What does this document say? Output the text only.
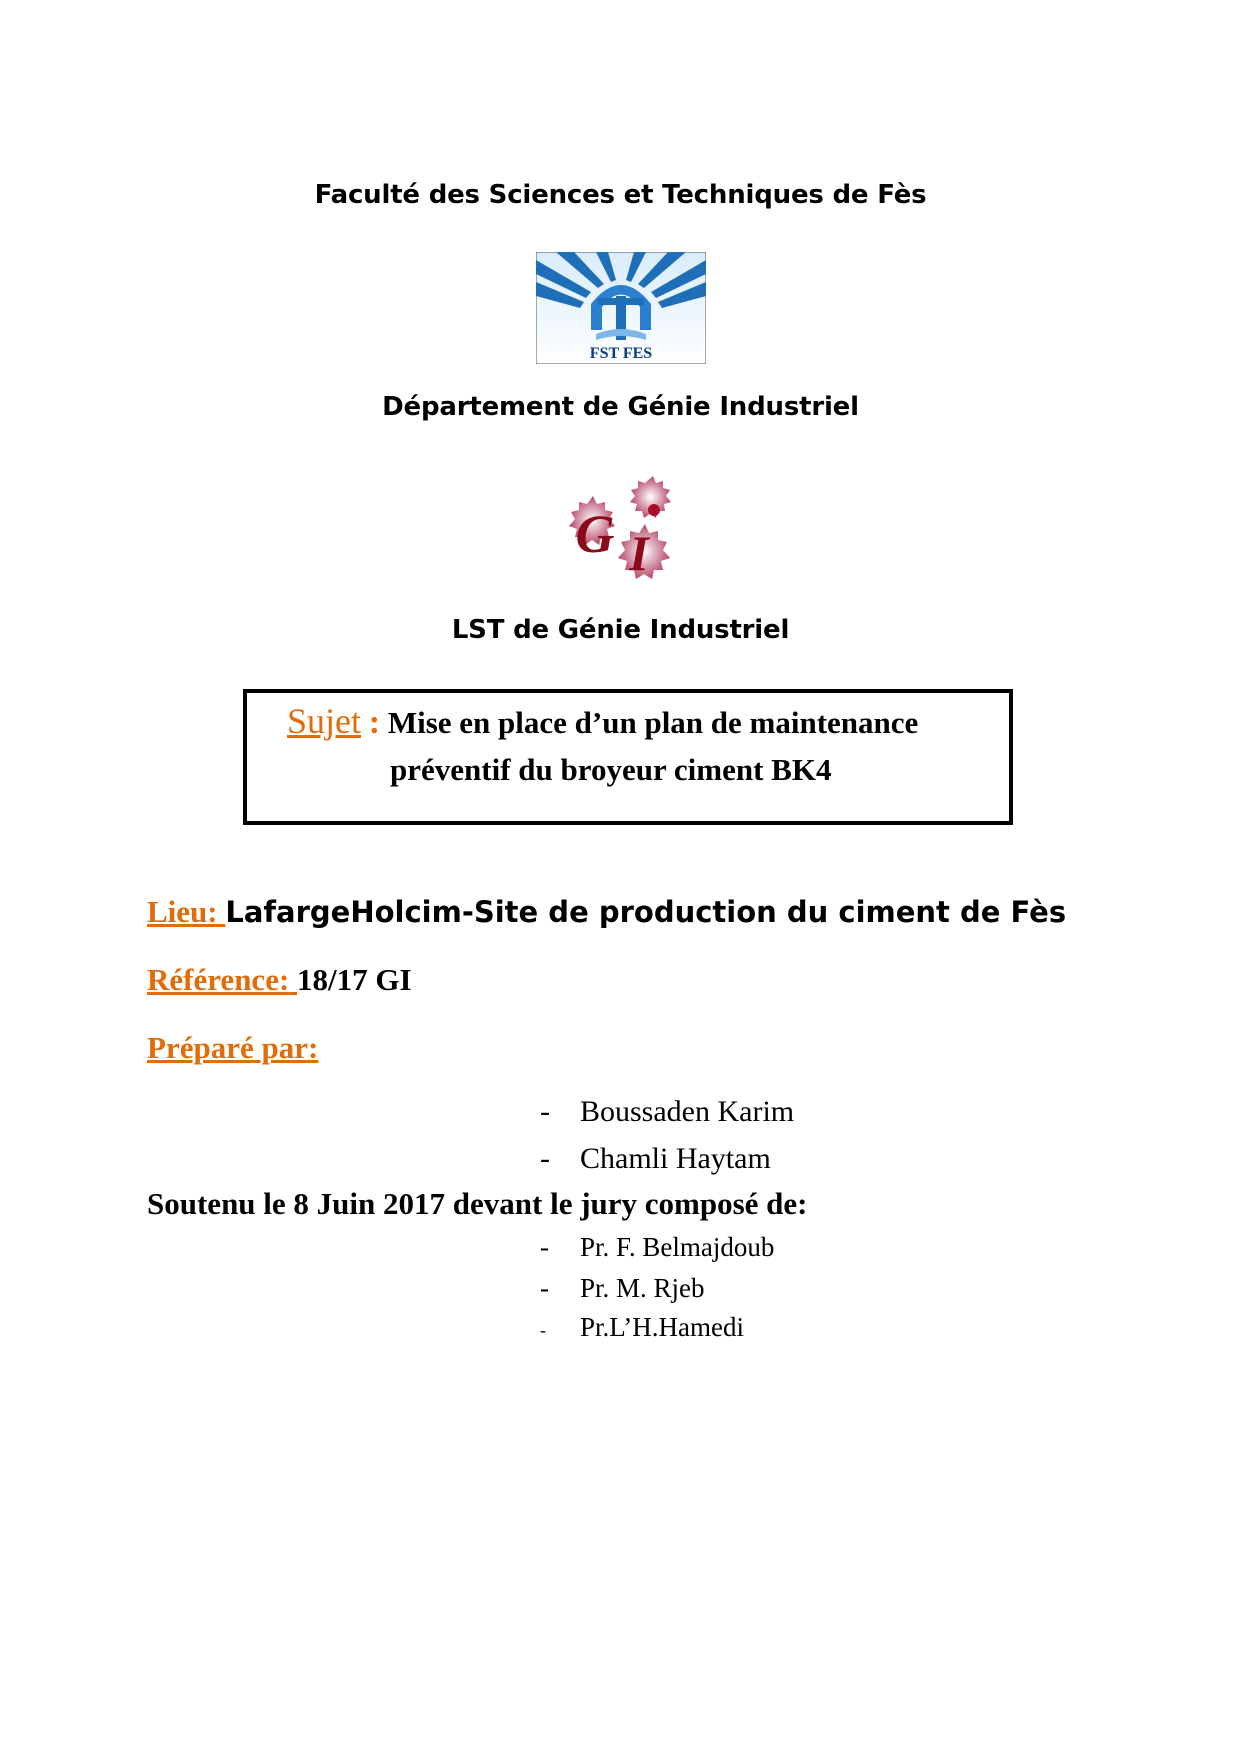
Faculté des Sciences et Techniques de Fès
FST FES
Département de Génie Industriel
G I
LST de Génie Industriel
Sujet : Mise en place d’un plan de maintenance
préventif du broyeur ciment BK4
Lieu: LafargeHolcim-Site de production du ciment de Fès
Référence: 18/17 GI
Préparé par:
- Boussaden Karim
- Chamli Haytam
Soutenu le 8 Juin 2017 devant le jury composé de:
- Pr. F. Belmajdoub
- Pr. M. Rjeb
- Pr.L’H.Hamedi
